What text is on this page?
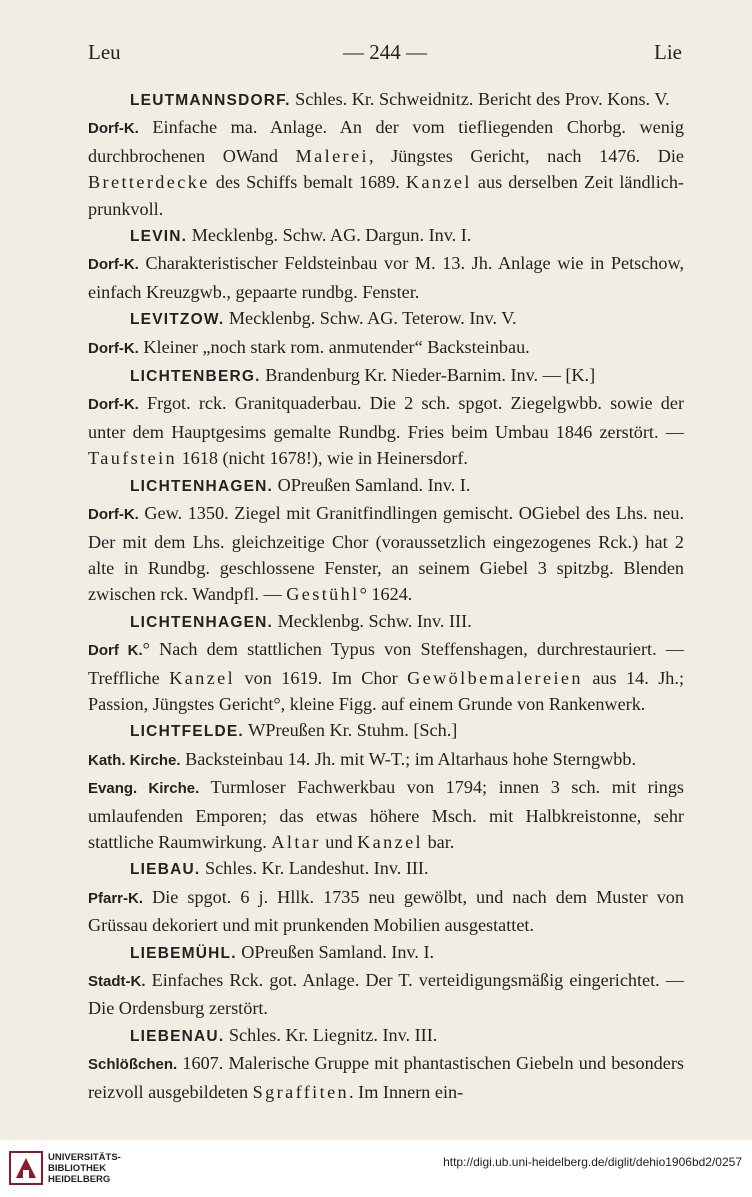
Leu	— 244 —	Lie

LEUTMANNSDORF. Schles. Kr. Schweidnitz. Bericht des Prov. Kons. V.

Dorf-K. Einfache ma. Anlage. An der vom tiefliegenden Chorbg. wenig durchbrochenen OWand Malerei, Jüngstes Gericht, nach 1476. Die Bretterdecke des Schiffs bemalt 1689. Kanzel aus derselben Zeit ländlich-prunkvoll.

LEVIN. Mecklenbg. Schw. AG. Dargun. Inv. I.

Dorf-K. Charakteristischer Feldsteinbau vor M. 13. Jh. Anlage wie in Petschow, einfach Kreuzgwb., gepaarte rundbg. Fenster.

LEVITZOW. Mecklenbg. Schw. AG. Teterow. Inv. V.

Dorf-K. Kleiner „noch stark rom. anmutender“ Backsteinbau.

LICHTENBERG. Brandenburg Kr. Nieder-Barnim. Inv. — [K.]

Dorf-K. Frgot. rck. Granitquaderbau. Die 2 sch. spgot. Ziegelgwbb. sowie der unter dem Hauptgesims gemalte Rundbg. Fries beim Umbau 1846 zerstört. — Taufstein 1618 (nicht 1678!), wie in Heinersdorf.

LICHTENHAGEN. OPreußen Samland. Inv. I.

Dorf-K. Gew. 1350. Ziegel mit Granitfindlingen gemischt. OGiebel des Lhs. neu. Der mit dem Lhs. gleichzeitige Chor (voraussetzlich eingezogenes Rck.) hat 2 alte in Rundbg. geschlossene Fenster, an seinem Giebel 3 spitzbg. Blenden zwischen rck. Wandpfl. — Gestühl° 1624.

LICHTENHAGEN. Mecklenbg. Schw. Inv. III.

Dorf K.° Nach dem stattlichen Typus von Steffenshagen, durchrestauriert. — Treffliche Kanzel von 1619. Im Chor Gewölbemalereien aus 14. Jh.; Passion, Jüngstes Gericht°, kleine Figg. auf einem Grunde von Rankenwerk.

LICHTFELDE. WPreußen Kr. Stuhm. [Sch.]

Kath. Kirche. Backsteinbau 14. Jh. mit W-T.; im Altarhaus hohe Sterngwbb.

Evang. Kirche. Turmloser Fachwerkbau von 1794; innen 3 sch. mit rings umlaufenden Emporen; das etwas höhere Msch. mit Halbkreistonne, sehr stattliche Raumwirkung. Altar und Kanzel bar.

LIEBAU. Schles. Kr. Landeshut. Inv. III.

Pfarr-K. Die spgot. 6 j. Hllk. 1735 neu gewölbt, und nach dem Muster von Grüssau dekoriert und mit prunkenden Mobilien ausgestattet.

LIEBEMÜHL. OPreußen Samland. Inv. I.

Stadt-K. Einfaches Rck. got. Anlage. Der T. verteidigungsmäßig eingerichtet. — Die Ordensburg zerstört.

LIEBENAU. Schles. Kr. Liegnitz. Inv. III.

Schlößchen. 1607. Malerische Gruppe mit phantastischen Giebeln und besonders reizvoll ausgebildeten Sgraffiten. Im Innern ein-

UNIVERSITÄTS-
BIBLIOTHEK
HEIDELBERG
http://digi.ub.uni-heidelberg.de/diglit/dehio1906bd2/0257
